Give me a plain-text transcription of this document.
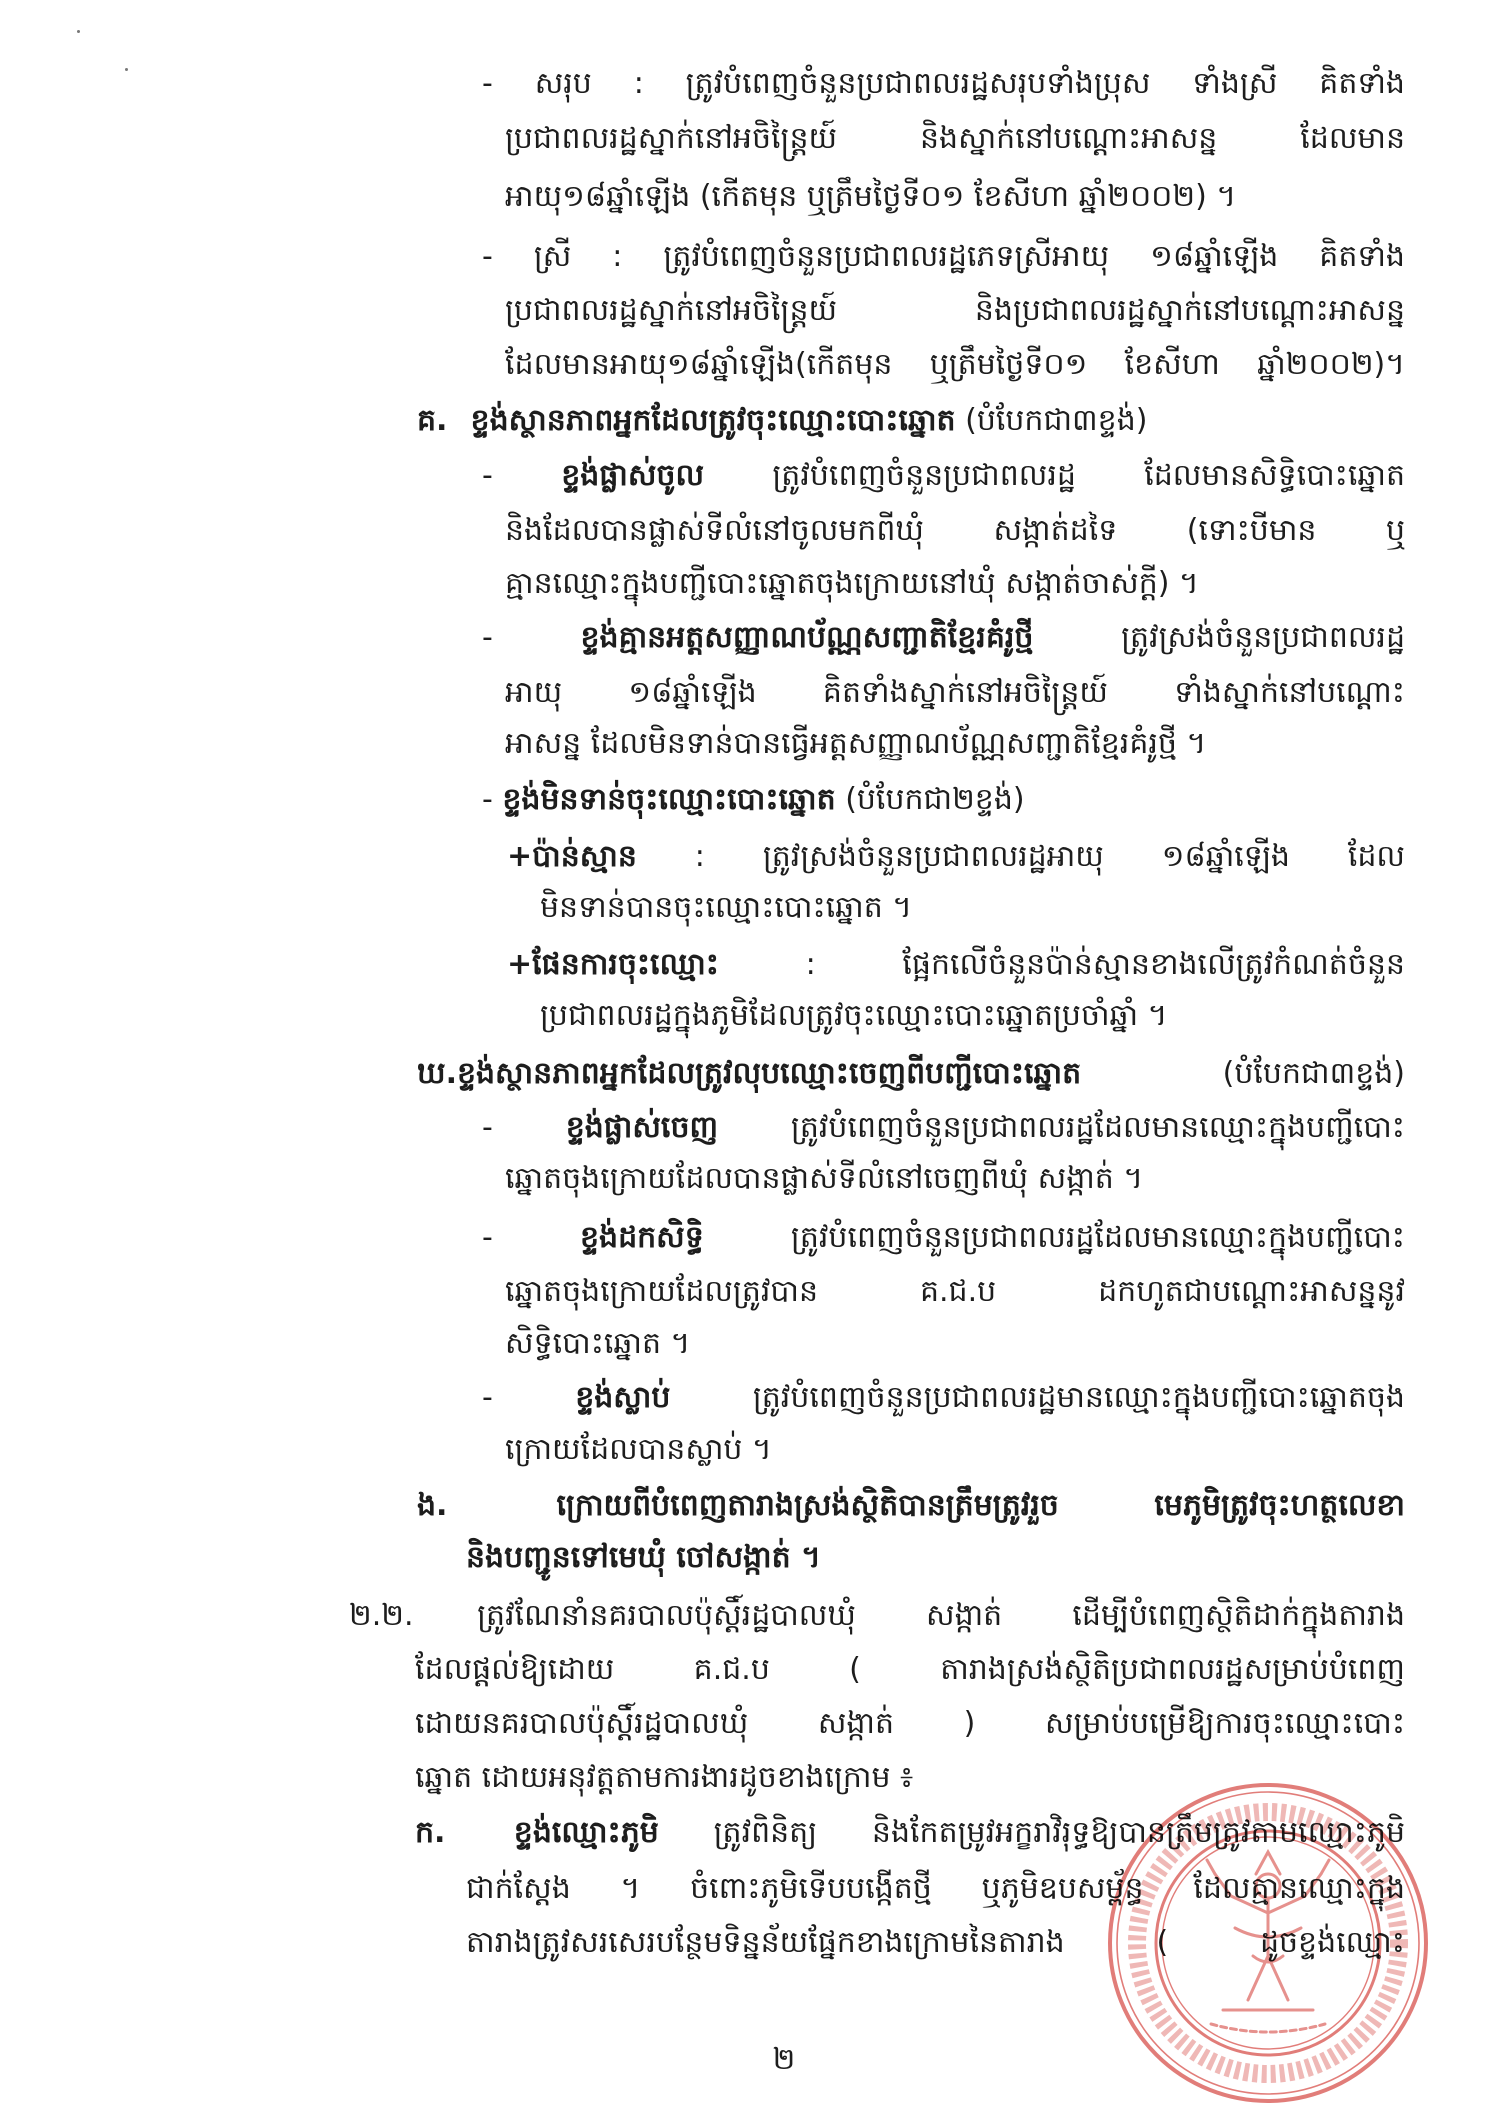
- សរុប : ត្រូវបំពេញចំនួនប្រជាពលរដ្ឋសរុបទាំងប្រុស ទាំងស្រី គិតទាំង
ប្រជាពលរដ្ឋស្នាក់នៅអចិន្ត្រៃយ៍ និងស្នាក់នៅបណ្ដោះអាសន្ន ដែលមាន
អាយុ១៨ឆ្នាំឡើង (កើតមុន ឬត្រឹមថ្ងៃទី០១ ខែសីហា ឆ្នាំ២០០២) ។
- ស្រី : ត្រូវបំពេញចំនួនប្រជាពលរដ្ឋភេទស្រីអាយុ ១៨ឆ្នាំឡើង គិតទាំង
ប្រជាពលរដ្ឋស្នាក់នៅអចិន្ត្រៃយ៍ និងប្រជាពលរដ្ឋស្នាក់នៅបណ្ដោះអាសន្ន
ដែលមានអាយុ១៨ឆ្នាំឡើង(កើតមុន ឬត្រឹមថ្ងៃទី០១ ខែសីហា ឆ្នាំ២០០២)។
គ. ខ្ទង់ស្ថានភាពអ្នកដែលត្រូវចុះឈ្មោះបោះឆ្នោត (បំបែកជា៣ខ្ទង់)
- ខ្ទង់ផ្លាស់ចូល ត្រូវបំពេញចំនួនប្រជាពលរដ្ឋ ដែលមានសិទ្ធិបោះឆ្នោត
និងដែលបានផ្លាស់ទីលំនៅចូលមកពីឃុំ សង្កាត់ដទៃ (ទោះបីមាន ឬ
គ្មានឈ្មោះក្នុងបញ្ជីបោះឆ្នោតចុងក្រោយនៅឃុំ សង្កាត់ចាស់ក្ដី) ។
-	ខ្ទង់គ្មានអត្តសញ្ញាណប័ណ្ណសញ្ជាតិខ្មែរគំរូថ្មី	ត្រូវស្រង់ចំនួនប្រជាពលរដ្ឋ
អាយុ ១៨ឆ្នាំឡើង គិតទាំងស្នាក់នៅអចិន្ត្រៃយ៍ ទាំងស្នាក់នៅបណ្ដោះ
អាសន្ន ដែលមិនទាន់បានធ្វើអត្តសញ្ញាណប័ណ្ណសញ្ជាតិខ្មែរគំរូថ្មី ។
- ខ្ទង់មិនទាន់ចុះឈ្មោះបោះឆ្នោត (បំបែកជា២ខ្ទង់)
+ប៉ាន់ស្មាន : ត្រូវស្រង់ចំនួនប្រជាពលរដ្ឋអាយុ ១៨ឆ្នាំឡើង ដែល
មិនទាន់បានចុះឈ្មោះបោះឆ្នោត ។
+ផែនការចុះឈ្មោះ	:	ផ្អែកលើចំនួនប៉ាន់ស្មានខាងលើត្រូវកំណត់ចំនួន
ប្រជាពលរដ្ឋក្នុងភូមិដែលត្រូវចុះឈ្មោះបោះឆ្នោតប្រចាំឆ្នាំ ។
ឃ.ខ្ទង់ស្ថានភាពអ្នកដែលត្រូវលុបឈ្មោះចេញពីបញ្ជីបោះឆ្នោត	(បំបែកជា៣ខ្ទង់)
- ខ្ទង់ផ្លាស់ចេញ ត្រូវបំពេញចំនួនប្រជាពលរដ្ឋដែលមានឈ្មោះក្នុងបញ្ជីបោះ
ឆ្នោតចុងក្រោយដែលបានផ្លាស់ទីលំនៅចេញពីឃុំ សង្កាត់ ។
-	ខ្ទង់ដកសិទ្ធិ	ត្រូវបំពេញចំនួនប្រជាពលរដ្ឋដែលមានឈ្មោះក្នុងបញ្ជីបោះ
ឆ្នោតចុងក្រោយដែលត្រូវបាន គ.ជ.ប ដកហូតជាបណ្ដោះអាសន្ននូវ
សិទ្ធិបោះឆ្នោត ។
-	ខ្ទង់ស្លាប់	ត្រូវបំពេញចំនួនប្រជាពលរដ្ឋមានឈ្មោះក្នុងបញ្ជីបោះឆ្នោតចុង
ក្រោយដែលបានស្លាប់ ។
ង.	ក្រោយពីបំពេញតារាងស្រង់ស្ថិតិបានត្រឹមត្រូវរួច មេភូមិត្រូវចុះហត្ថលេខា
និងបញ្ជូនទៅមេឃុំ ចៅសង្កាត់ ។
២.២. ត្រូវណែនាំនគរបាលប៉ុស្ដិ៍រដ្ឋបាលឃុំ សង្កាត់ ដើម្បីបំពេញស្ថិតិដាក់ក្នុងតារាង
ដែលផ្ដល់ឱ្យដោយ គ.ជ.ប ( តារាងស្រង់ស្ថិតិប្រជាពលរដ្ឋសម្រាប់បំពេញ
ដោយនគរបាលប៉ុស្ដិ៍រដ្ឋបាលឃុំ សង្កាត់ ) សម្រាប់បម្រើឱ្យការចុះឈ្មោះបោះ
ឆ្នោត ដោយអនុវត្តតាមការងារដូចខាងក្រោម ៖
ក. ខ្ទង់ឈ្មោះភូមិ ត្រូវពិនិត្យ និងកែតម្រូវអក្ខរាវិរុទ្ធឱ្យបានត្រឹមត្រូវតាមឈ្មោះភូមិ
ជាក់ស្ដែង ។ ចំពោះភូមិទើបបង្កើតថ្មី ឬភូមិឧបសម្ព័ន្ធ ដែលគ្មានឈ្មោះក្នុង
តារាងត្រូវសរសេរបន្ថែមទិន្នន័យផ្នែកខាងក្រោមនៃតារាង ( ដូចខ្ទង់ឈ្មោះ
២
